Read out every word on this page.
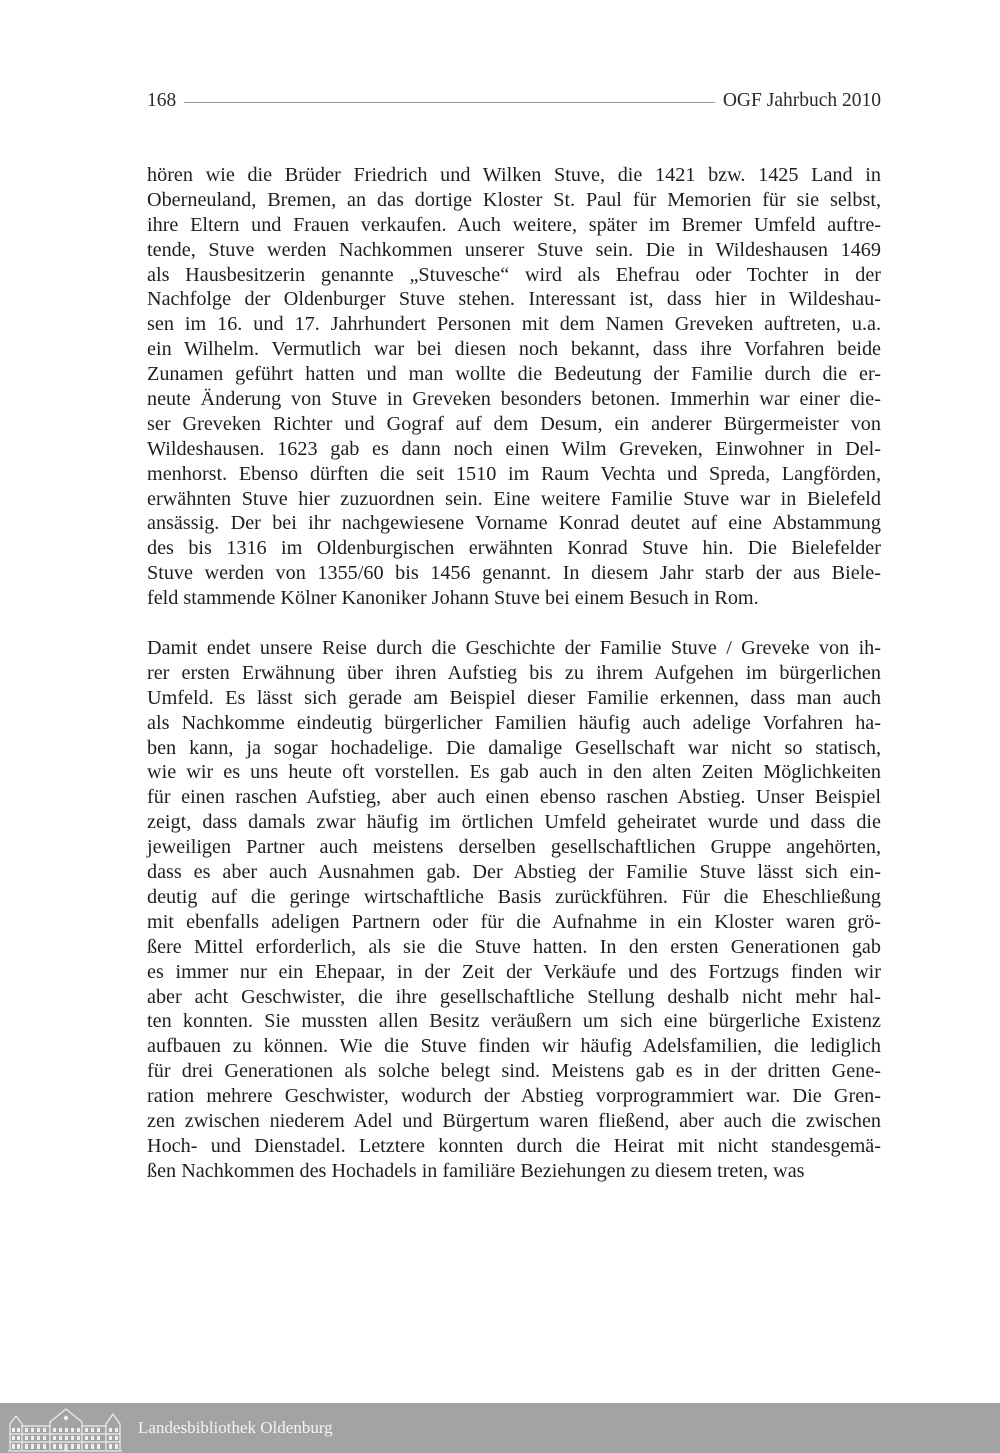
168	OGF Jahrbuch 2010
hören wie die Brüder Friedrich und Wilken Stuve, die 1421 bzw. 1425 Land in
Oberneuland, Bremen, an das dortige Kloster St. Paul für Memorien für sie selbst,
ihre Eltern und Frauen verkaufen. Auch weitere, später im Bremer Umfeld auftre-
tende, Stuve werden Nachkommen unserer Stuve sein. Die in Wildeshausen 1469
als Hausbesitzerin genannte „Stuvesche“ wird als Ehefrau oder Tochter in der
Nachfolge der Oldenburger Stuve stehen. Interessant ist, dass hier in Wildeshau-
sen im 16. und 17. Jahrhundert Personen mit dem Namen Greveken auftreten, u.a.
ein Wilhelm. Vermutlich war bei diesen noch bekannt, dass ihre Vorfahren beide
Zunamen geführt hatten und man wollte die Bedeutung der Familie durch die er-
neute Änderung von Stuve in Greveken besonders betonen. Immerhin war einer die-
ser Greveken Richter und Gograf auf dem Desum, ein anderer Bürgermeister von
Wildeshausen. 1623 gab es dann noch einen Wilm Greveken, Einwohner in Del-
menhorst. Ebenso dürften die seit 1510 im Raum Vechta und Spreda, Langförden,
erwähnten Stuve hier zuzuordnen sein. Eine weitere Familie Stuve war in Bielefeld
ansässig. Der bei ihr nachgewiesene Vorname Konrad deutet auf eine Abstammung
des bis 1316 im Oldenburgischen erwähnten Konrad Stuve hin. Die Bielefelder
Stuve werden von 1355/60 bis 1456 genannt. In diesem Jahr starb der aus Biele-
feld stammende Kölner Kanoniker Johann Stuve bei einem Besuch in Rom.
Damit endet unsere Reise durch die Geschichte der Familie Stuve / Greveke von ih-
rer ersten Erwähnung über ihren Aufstieg bis zu ihrem Aufgehen im bürgerlichen
Umfeld. Es lässt sich gerade am Beispiel dieser Familie erkennen, dass man auch
als Nachkomme eindeutig bürgerlicher Familien häufig auch adelige Vorfahren ha-
ben kann, ja sogar hochadelige. Die damalige Gesellschaft war nicht so statisch,
wie wir es uns heute oft vorstellen. Es gab auch in den alten Zeiten Möglichkeiten
für einen raschen Aufstieg, aber auch einen ebenso raschen Abstieg. Unser Beispiel
zeigt, dass damals zwar häufig im örtlichen Umfeld geheiratet wurde und dass die
jeweiligen Partner auch meistens derselben gesellschaftlichen Gruppe angehörten,
dass es aber auch Ausnahmen gab. Der Abstieg der Familie Stuve lässt sich ein-
deutig auf die geringe wirtschaftliche Basis zurückführen. Für die Eheschließung
mit ebenfalls adeligen Partnern oder für die Aufnahme in ein Kloster waren grö-
ßere Mittel erforderlich, als sie die Stuve hatten. In den ersten Generationen gab
es immer nur ein Ehepaar, in der Zeit der Verkäufe und des Fortzugs finden wir
aber acht Geschwister, die ihre gesellschaftliche Stellung deshalb nicht mehr hal-
ten konnten. Sie mussten allen Besitz veräußern um sich eine bürgerliche Existenz
aufbauen zu können. Wie die Stuve finden wir häufig Adelsfamilien, die lediglich
für drei Generationen als solche belegt sind. Meistens gab es in der dritten Gene-
ration mehrere Geschwister, wodurch der Abstieg vorprogrammiert war. Die Gren-
zen zwischen niederem Adel und Bürgertum waren fließend, aber auch die zwischen
Hoch- und Dienstadel. Letztere konnten durch die Heirat mit nicht standesgemä-
ßen Nachkommen des Hochadels in familiäre Beziehungen zu diesem treten, was
Landesbibliothek Oldenburg
